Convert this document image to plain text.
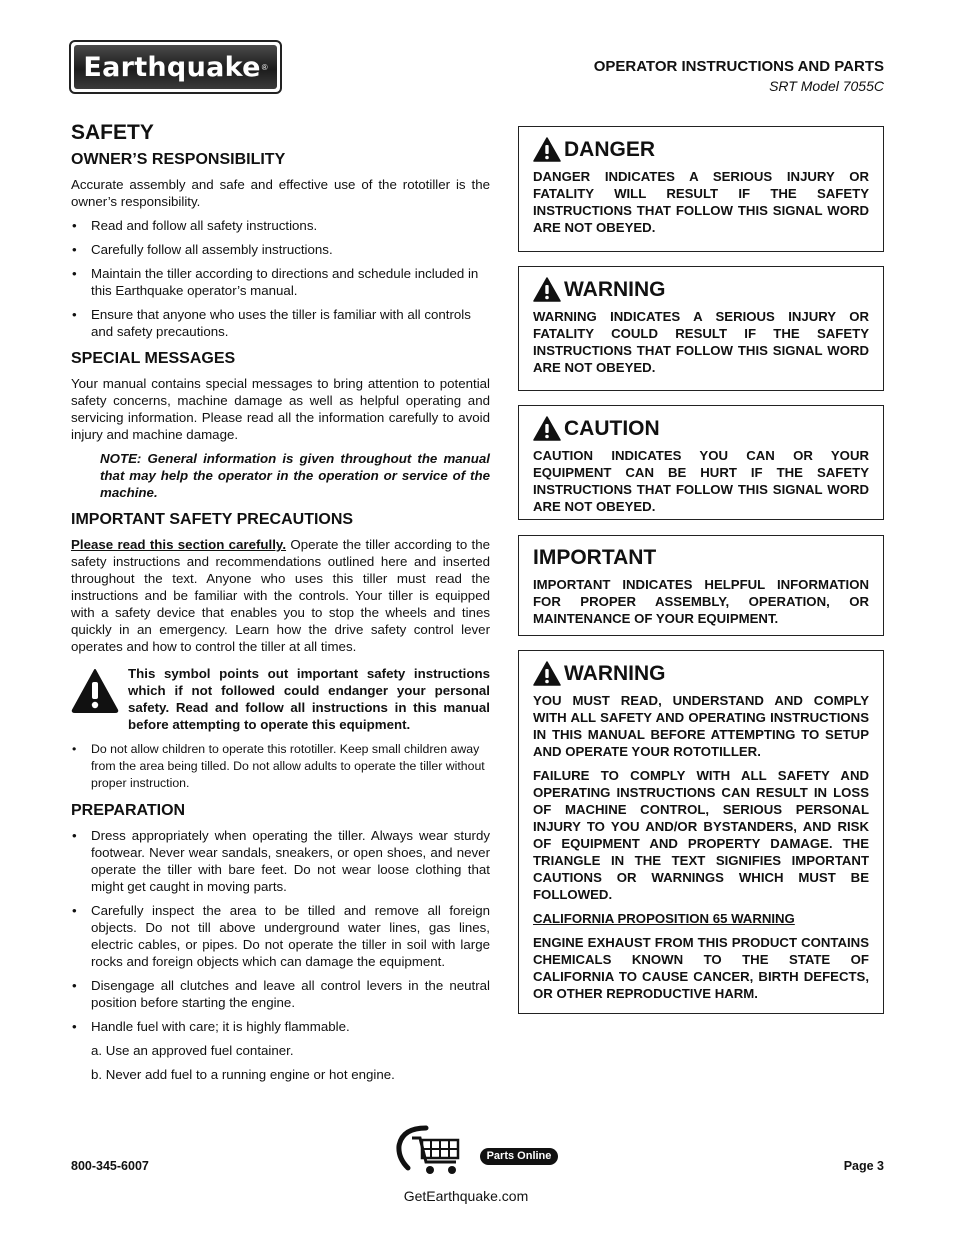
Earthquake ®	OPERATOR INSTRUCTIONS AND PARTS
SRT Model 7055C
SAFETY
OWNER’S RESPONSIBILITY
Accurate assembly and safe and effective use of the rototiller is the owner’s responsibility.
• Read and follow all safety instructions.
• Carefully follow all assembly instructions.
• Maintain the tiller according to directions and schedule included in this Earthquake operator’s manual.
• Ensure that anyone who uses the tiller is familiar with all controls and safety precautions.
SPECIAL MESSAGES
Your manual contains special messages to bring attention to potential safety concerns, machine damage as well as helpful operating and servicing information. Please read all the information carefully to avoid injury and machine damage.
NOTE: General information is given throughout the manual that may help the operator in the operation or service of the machine.
IMPORTANT SAFETY PRECAUTIONS
Please read this section carefully. Operate the tiller according to the safety instructions and recommendations outlined here and inserted throughout the text. Anyone who uses this tiller must read the instructions and be familiar with the controls. Your tiller is equipped with a safety device that enables you to stop the wheels and tines quickly in an emergency. Learn how the drive safety control lever operates and how to control the tiller at all times.
This symbol points out important safety instructions which if not followed could endanger your personal safety. Read and follow all instructions in this manual before attempting to operate this equipment.
• Do not allow children to operate this rototiller. Keep small children away from the area being tilled. Do not allow adults to operate the tiller without proper instruction.
PREPARATION
• Dress appropriately when operating the tiller. Always wear sturdy footwear. Never wear sandals, sneakers, or open shoes, and never operate the tiller with bare feet. Do not wear loose clothing that might get caught in moving parts.
• Carefully inspect the area to be tilled and remove all foreign objects. Do not till above underground water lines, gas lines, electric cables, or pipes. Do not operate the tiller in soil with large rocks and foreign objects which can damage the equipment.
• Disengage all clutches and leave all control levers in the neutral position before starting the engine.
• Handle fuel with care; it is highly flammable.
a. Use an approved fuel container.
b. Never add fuel to a running engine or hot engine.
DANGER
DANGER INDICATES A SERIOUS INJURY OR FATALITY WILL RESULT IF THE SAFETY INSTRUCTIONS THAT FOLLOW THIS SIGNAL WORD ARE NOT OBEYED.
WARNING
WARNING INDICATES A SERIOUS INJURY OR FATALITY COULD RESULT IF THE SAFETY INSTRUCTIONS THAT FOLLOW THIS SIGNAL WORD ARE NOT OBEYED.
CAUTION
CAUTION INDICATES YOU CAN OR YOUR EQUIPMENT CAN BE HURT IF THE SAFETY INSTRUCTIONS THAT FOLLOW THIS SIGNAL WORD ARE NOT OBEYED.
IMPORTANT
IMPORTANT INDICATES HELPFUL INFORMATION FOR PROPER ASSEMBLY, OPERATION, OR MAINTENANCE OF YOUR EQUIPMENT.
WARNING

YOU MUST READ, UNDERSTAND AND COMPLY WITH ALL SAFETY AND OPERATING INSTRUCTIONS IN THIS MANUAL BEFORE ATTEMPTING TO SETUP AND OPERATE YOUR ROTOTILLER.

FAILURE TO COMPLY WITH ALL SAFETY AND OPERATING INSTRUCTIONS CAN RESULT IN LOSS OF MACHINE CONTROL, SERIOUS PERSONAL INJURY TO YOU AND/OR BYSTANDERS, AND RISK OF EQUIPMENT AND PROPERTY DAMAGE. THE TRIANGLE IN THE TEXT SIGNIFIES IMPORTANT CAUTIONS OR WARNINGS WHICH MUST BE FOLLOWED.

CALIFORNIA PROPOSITION 65 WARNING

ENGINE EXHAUST FROM THIS PRODUCT CONTAINS CHEMICALS KNOWN TO THE STATE OF CALIFORNIA TO CAUSE CANCER, BIRTH DEFECTS, OR OTHER REPRODUCTIVE HARM.

800-345-6007
Parts Online
GetEarthquake.com
Page 3
